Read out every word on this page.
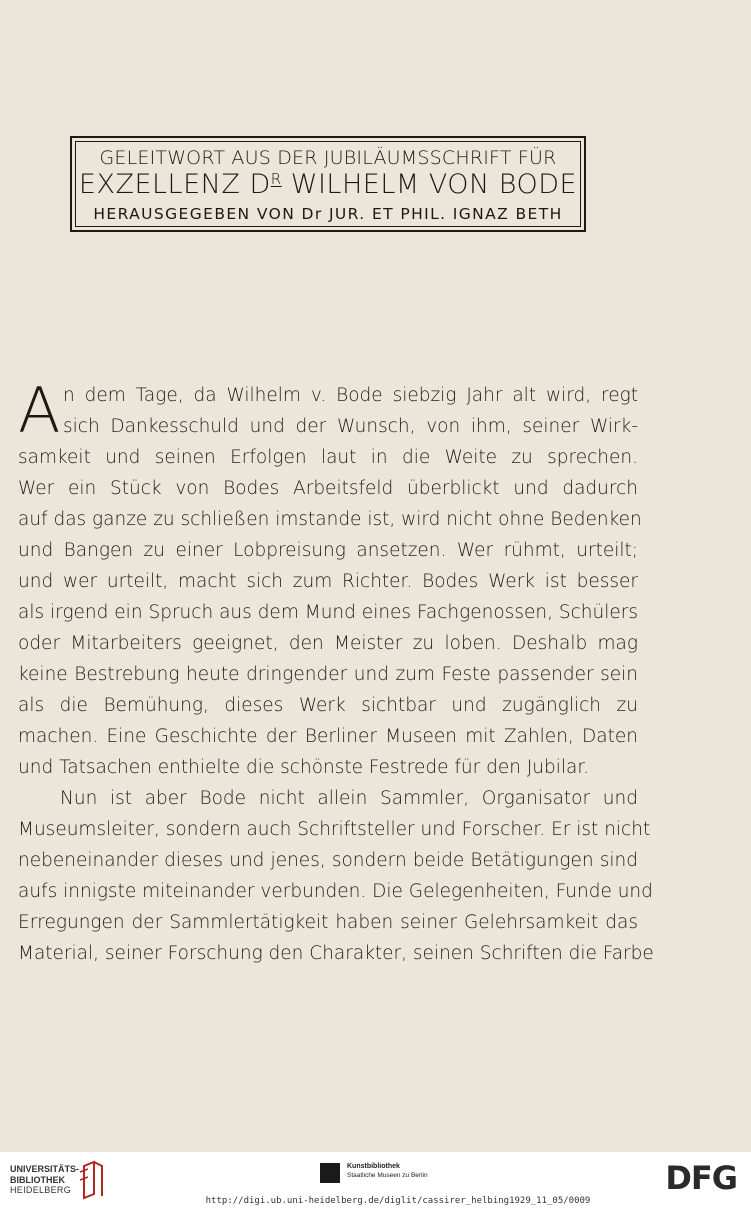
GELEITWORT AUS DER JUBILÄUMSSCHRIFT FÜR
EXZELLENZ $D^R$ WILHELM VON BODE
HERAUSGEGEBEN VON Dr JUR. ET PHIL. IGNAZ BETH
A n dem Tage, da Wilhelm v. Bode siebzig Jahr alt wird, regt
sich Dankesschuld und der Wunsch, von ihm, seiner Wirk-
samkeit und seinen Erfolgen laut in die Weite zu sprechen.
Wer ein Stück von Bodes Arbeitsfeld überblickt und dadurch
auf das ganze zu schließen imstande ist, wird nicht ohne Bedenken
und Bangen zu einer Lobpreisung ansetzen. Wer rühmt, urteilt;
und wer urteilt, macht sich zum Richter. Bodes Werk ist besser
als irgend ein Spruch aus dem Mund eines Fachgenossen, Schülers
oder Mitarbeiters geeignet, den Meister zu loben. Deshalb mag
keine Bestrebung heute dringender und zum Feste passender sein
als die Bemühung, dieses Werk sichtbar und zugänglich zu
machen. Eine Geschichte der Berliner Museen mit Zahlen, Daten
und Tatsachen enthielte die schönste Festrede für den Jubilar.
Nun ist aber Bode nicht allein Sammler, Organisator und
Museumsleiter, sondern auch Schriftsteller und Forscher. Er ist nicht
nebeneinander dieses und jenes, sondern beide Betätigungen sind
aufs innigste miteinander verbunden. Die Gelegenheiten, Funde und
Erregungen der Sammlertätigkeit haben seiner Gelehrsamkeit das
Material, seiner Forschung den Charakter, seinen Schriften die Farbe
UNIVERSITÄTS-
BIBLIOTHEK
HEIDELBERG
Kunstbibliothek
Staatliche Museen zu Berlin	DFG
http://digi.ub.uni-heidelberg.de/diglit/cassirer_helbing1929_11_05/0009
